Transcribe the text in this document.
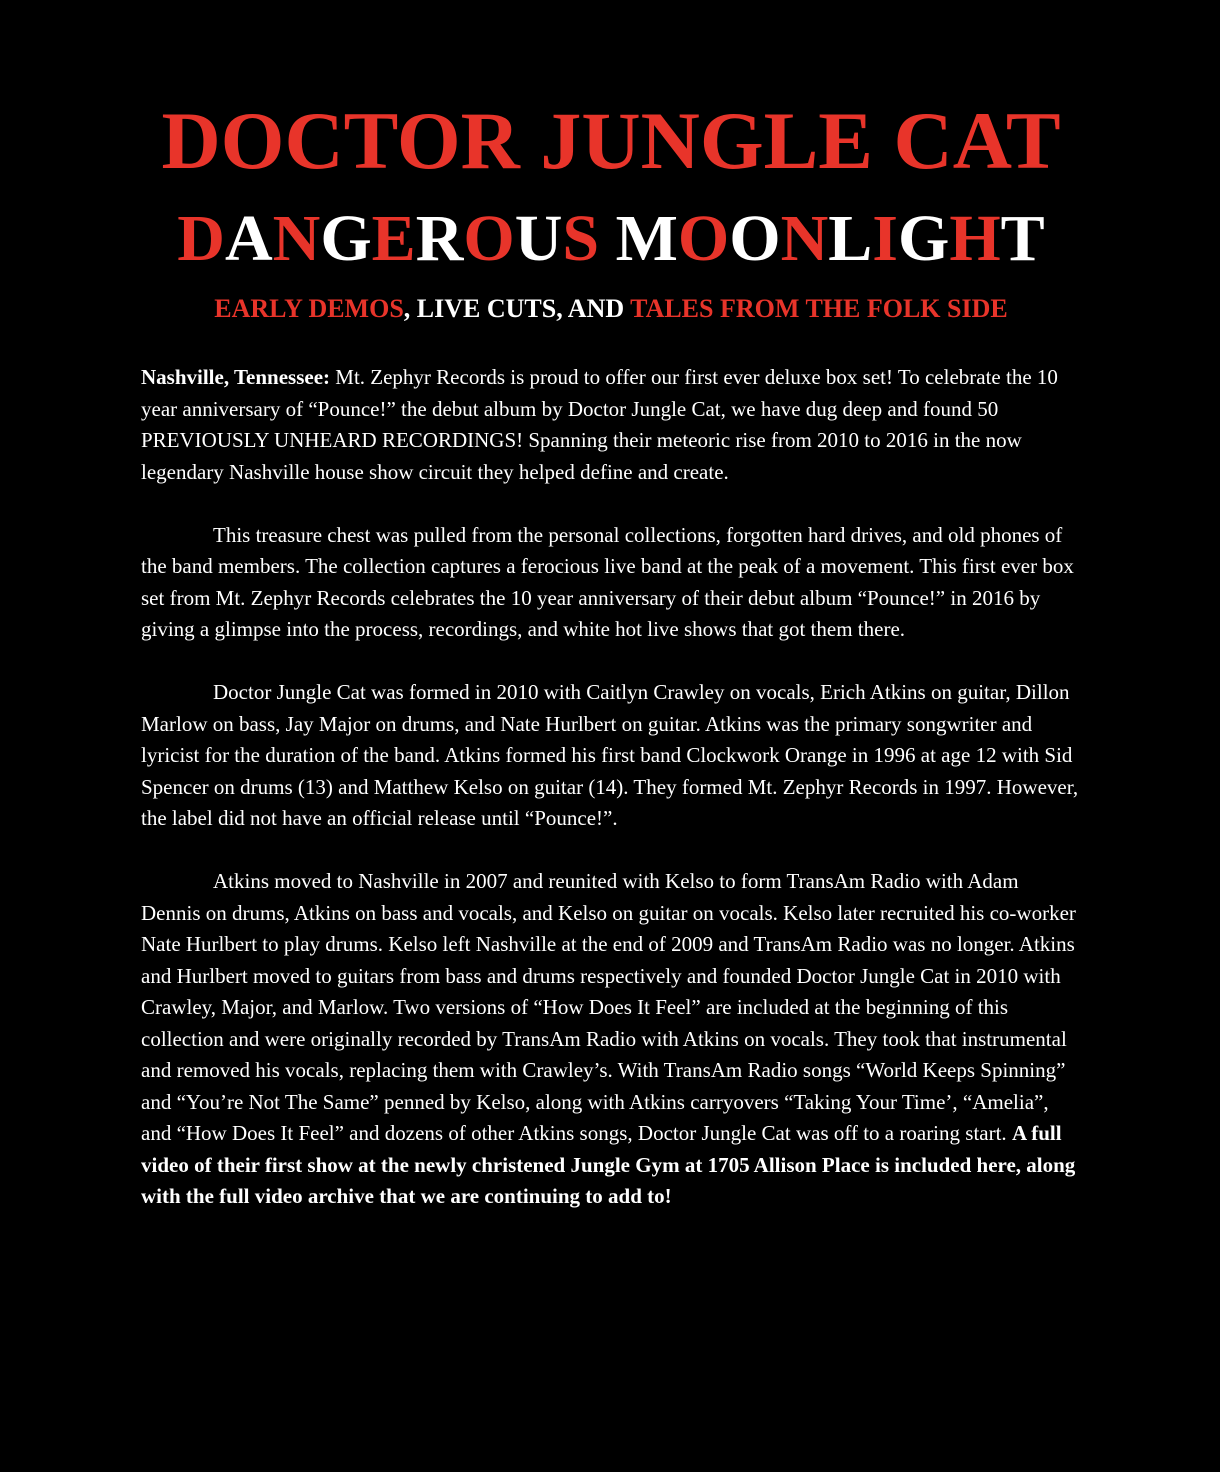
DOCTOR JUNGLE CAT
DANGEROUS MOONLIGHT
EARLY DEMOS, LIVE CUTS, AND TALES FROM THE FOLK SIDE

Nashville, Tennessee: Mt. Zephyr Records is proud to offer our first ever deluxe box set! To celebrate the 10 year anniversary of “Pounce!” the debut album by Doctor Jungle Cat, we have dug deep and found 50 PREVIOUSLY UNHEARD RECORDINGS! Spanning their meteoric rise from 2010 to 2016 in the now legendary Nashville house show circuit they helped define and create.

This treasure chest was pulled from the personal collections, forgotten hard drives, and old phones of the band members. The collection captures a ferocious live band at the peak of a movement. This first ever box set from Mt. Zephyr Records celebrates the 10 year anniversary of their debut album “Pounce!” in 2016 by giving a glimpse into the process, recordings, and white hot live shows that got them there.

Doctor Jungle Cat was formed in 2010 with Caitlyn Crawley on vocals, Erich Atkins on guitar, Dillon Marlow on bass, Jay Major on drums, and Nate Hurlbert on guitar. Atkins was the primary songwriter and lyricist for the duration of the band. Atkins formed his first band Clockwork Orange in 1996 at age 12 with Sid Spencer on drums (13) and Matthew Kelso on guitar (14). They formed Mt. Zephyr Records in 1997. However, the label did not have an official release until “Pounce!”.

Atkins moved to Nashville in 2007 and reunited with Kelso to form TransAm Radio with Adam Dennis on drums, Atkins on bass and vocals, and Kelso on guitar on vocals. Kelso later recruited his co-worker Nate Hurlbert to play drums. Kelso left Nashville at the end of 2009 and TransAm Radio was no longer. Atkins and Hurlbert moved to guitars from bass and drums respectively and founded Doctor Jungle Cat in 2010 with Crawley, Major, and Marlow. Two versions of “How Does It Feel” are included at the beginning of this collection and were originally recorded by TransAm Radio with Atkins on vocals. They took that instrumental and removed his vocals, replacing them with Crawley’s. With TransAm Radio songs “World Keeps Spinning” and “You’re Not The Same” penned by Kelso, along with Atkins carryovers “Taking Your Time’, “Amelia”, and “How Does It Feel” and dozens of other Atkins songs, Doctor Jungle Cat was off to a roaring start. A full video of their first show at the newly christened Jungle Gym at 1705 Allison Place is included here, along with the full video archive that we are continuing to add to!
